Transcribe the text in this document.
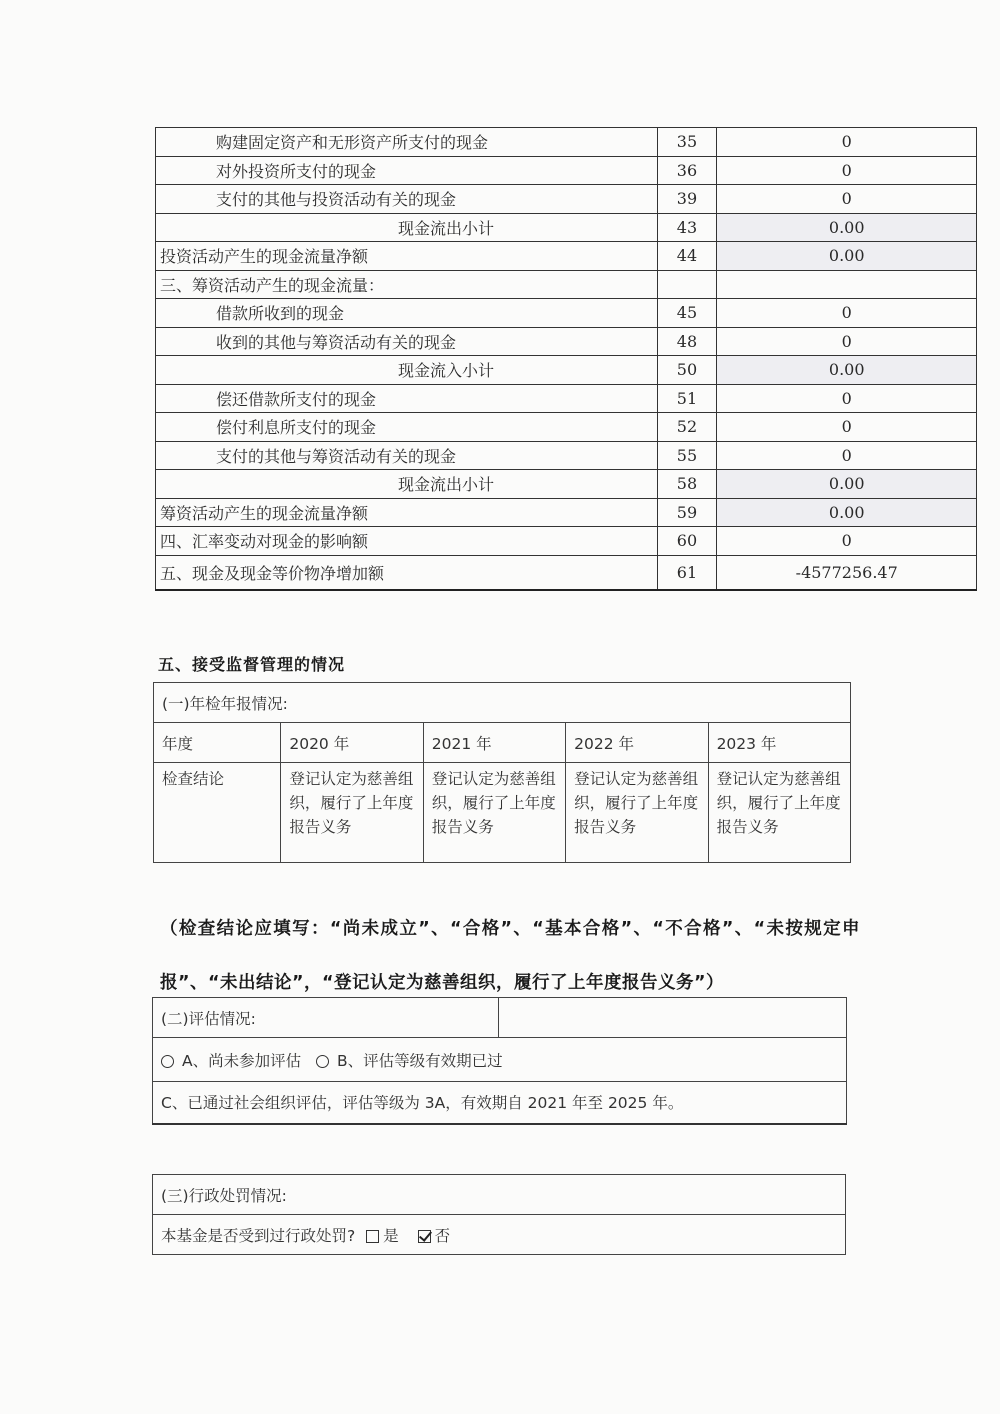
购建固定资产和无形资产所支付的现金	35	0
对外投资所支付的现金	36	0
支付的其他与投资活动有关的现金	39	0
现金流出小计	43	0.00
投资活动产生的现金流量净额	44	0.00
三、筹资活动产生的现金流量：		
借款所收到的现金	45	0
收到的其他与筹资活动有关的现金	48	0
现金流入小计	50	0.00
偿还借款所支付的现金	51	0
偿付利息所支付的现金	52	0
支付的其他与筹资活动有关的现金	55	0
现金流出小计	58	0.00
筹资活动产生的现金流量净额	59	0.00
四、汇率变动对现金的影响额	60	0
五、现金及现金等价物净增加额	61	-4577256.47
五、接受监督管理的情况
(一)年检年报情况:				
年度	2020 年	2021 年	2022 年	2023 年
检查结论	登记认定为慈善组织，履行了上年度报告义务	登记认定为慈善组织，履行了上年度报告义务	登记认定为慈善组织，履行了上年度报告义务	登记认定为慈善组织，履行了上年度报告义务
（检查结论应填写：“尚未成立”、“合格”、“基本合格”、“不合格”、“未按规定申报”、“未出结论”，“登记认定为慈善组织，履行了上年度报告义务”）
(二)评估情况:	
A、尚未参加评估 B、评估等级有效期已过
C、已通过社会组织评估，评估等级为 3A，有效期自 2021 年至 2025 年。
(三)行政处罚情况:
本基金是否受到过行政处罚? 是 否
